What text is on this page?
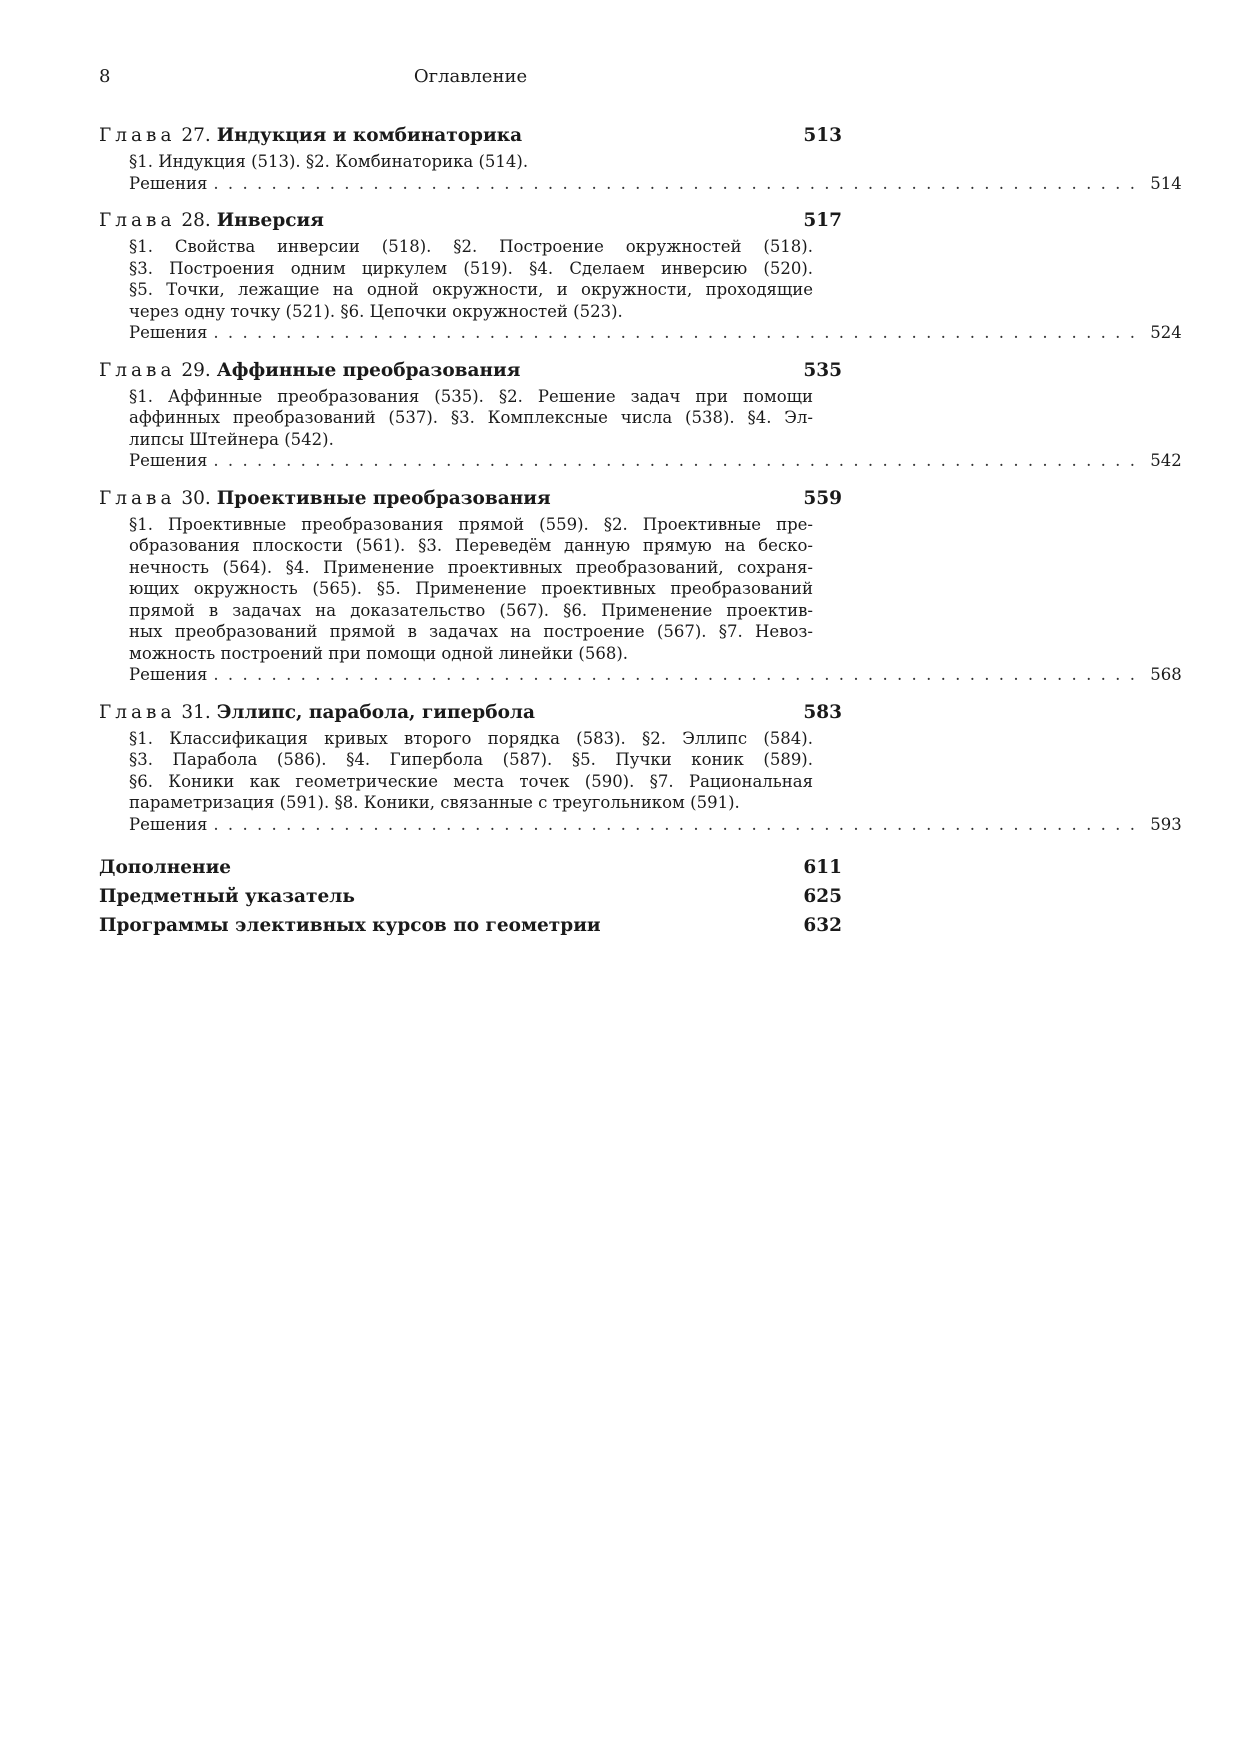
8	Оглавление
Глава 27. Индукция и комбинаторика	513
§1. Индукция (513). §2. Комбинаторика (514).
Решения ................................................................ 514
Глава 28. Инверсия	517
§1. Свойства инверсии (518). §2. Построение окружностей (518).
§3. Построения одним циркулем (519). §4. Сделаем инверсию (520).
§5. Точки, лежащие на одной окружности, и окружности, проходящие
через одну точку (521). §6. Цепочки окружностей (523).
Решения ................................................................ 524
Глава 29. Аффинные преобразования	535
§1. Аффинные преобразования (535). §2. Решение задач при помощи
аффинных преобразований (537). §3. Комплексные числа (538). §4. Эл-
липсы Штейнера (542).
Решения ................................................................ 542
Глава 30. Проективные преобразования	559
§1. Проективные преобразования прямой (559). §2. Проективные пре-
образования плоскости (561). §3. Переведём данную прямую на беско-
нечность (564). §4. Применение проективных преобразований, сохраня-
ющих окружность (565). §5. Применение проективных преобразований
прямой в задачах на доказательство (567). §6. Применение проектив-
ных преобразований прямой в задачах на построение (567). §7. Невоз-
можность построений при помощи одной линейки (568).
Решения ................................................................ 568
Глава 31. Эллипс, парабола, гипербола	583
§1. Классификация кривых второго порядка (583). §2. Эллипс (584).
§3. Парабола (586). §4. Гипербола (587). §5. Пучки коник (589).
§6. Коники как геометрические места точек (590). §7. Рациональная
параметризация (591). §8. Коники, связанные с треугольником (591).
Решения ................................................................ 593
Дополнение	611
Предметный указатель	625
Программы элективных курсов по геометрии	632
